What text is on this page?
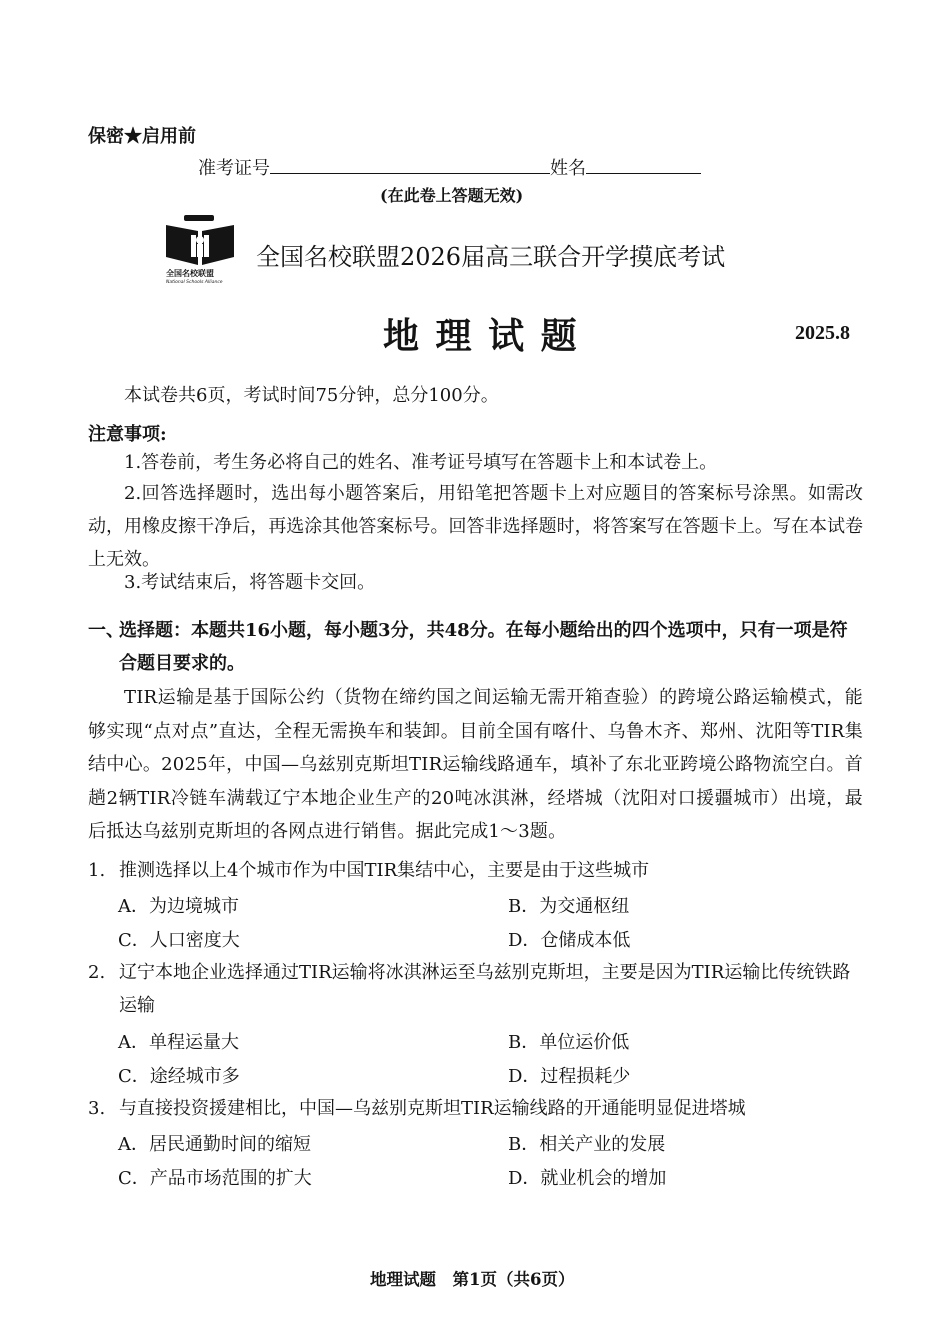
保密★启用前
准考证号	姓名
(在此卷上答题无效)
全国名校联盟
National Schools Alliance
全国名校联盟2026届高三联合开学摸底考试
地 理 试 题	2025.8
本试卷共6页，考试时间75分钟，总分100分。
注意事项:
1.答卷前，考生务必将自己的姓名、准考证号填写在答题卡上和本试卷上。
2.回答选择题时，选出每小题答案后，用铅笔把答题卡上对应题目的答案标号涂黑。如需改动，用橡皮擦干净后，再选涂其他答案标号。回答非选择题时，将答案写在答题卡上。写在本试卷上无效。
3.考试结束后，将答题卡交回。
一、
选择题：本题共16小题，每小题3分，共48分。在每小题给出的四个选项中，只有一项是符合题目要求的。
TIR运输是基于国际公约（货物在缔约国之间运输无需开箱查验）的跨境公路运输模式，能够实现“点对点”直达，全程无需换车和装卸。目前全国有喀什、乌鲁木齐、郑州、沈阳等TIR集结中心。2025年，中国—乌兹别克斯坦TIR运输线路通车，填补了东北亚跨境公路物流空白。首趟2辆TIR冷链车满载辽宁本地企业生产的20吨冰淇淋，经塔城（沈阳对口援疆城市）出境，最后抵达乌兹别克斯坦的各网点进行销售。据此完成1～3题。
1. 推测选择以上4个城市作为中国TIR集结中心，主要是由于这些城市
A．为边境城市	B．为交通枢纽
C．人口密度大	D．仓储成本低
2. 辽宁本地企业选择通过TIR运输将冰淇淋运至乌兹别克斯坦，主要是因为TIR运输比传统铁路运输
A．单程运量大	B．单位运价低
C．途经城市多	D．过程损耗少
3. 与直接投资援建相比，中国—乌兹别克斯坦TIR运输线路的开通能明显促进塔城
A．居民通勤时间的缩短	B．相关产业的发展
C．产品市场范围的扩大	D．就业机会的增加
地理试题　第1页（共6页）
